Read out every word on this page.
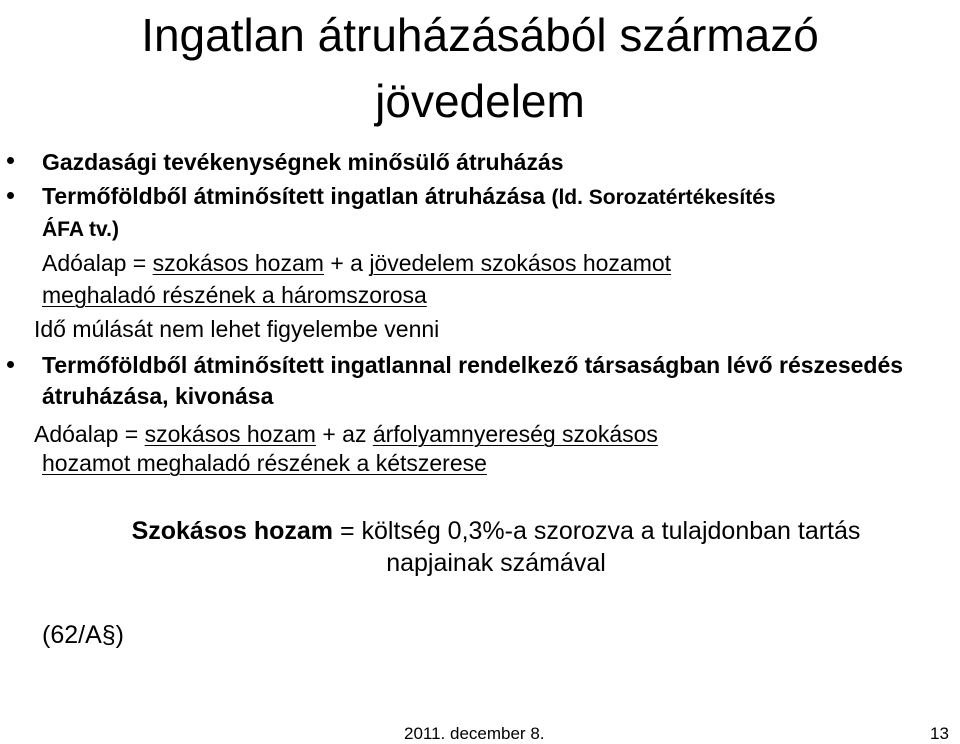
Ingatlan átruházásából származó
jövedelem
Gazdasági tevékenységnek minősülő átruházás
Termőföldből átminősített ingatlan átruházása (ld. Sorozatértékesítés ÁFA tv.)
Adóalap = szokásos hozam + a jövedelem szokásos hozamot
meghaladó részének a háromszorosa
Idő múlását nem lehet figyelembe venni
Termőföldből átminősített ingatlannal rendelkező társaságban lévő részesedés átruházása, kivonása
Adóalap = szokásos hozam + az árfolyamnyereség szokásos
hozamot meghaladó részének a kétszerese
Szokásos hozam = költség 0,3%-a szorozva a tulajdonban tartás
napjainak számával
(62/A§)
2011. december 8.	13
